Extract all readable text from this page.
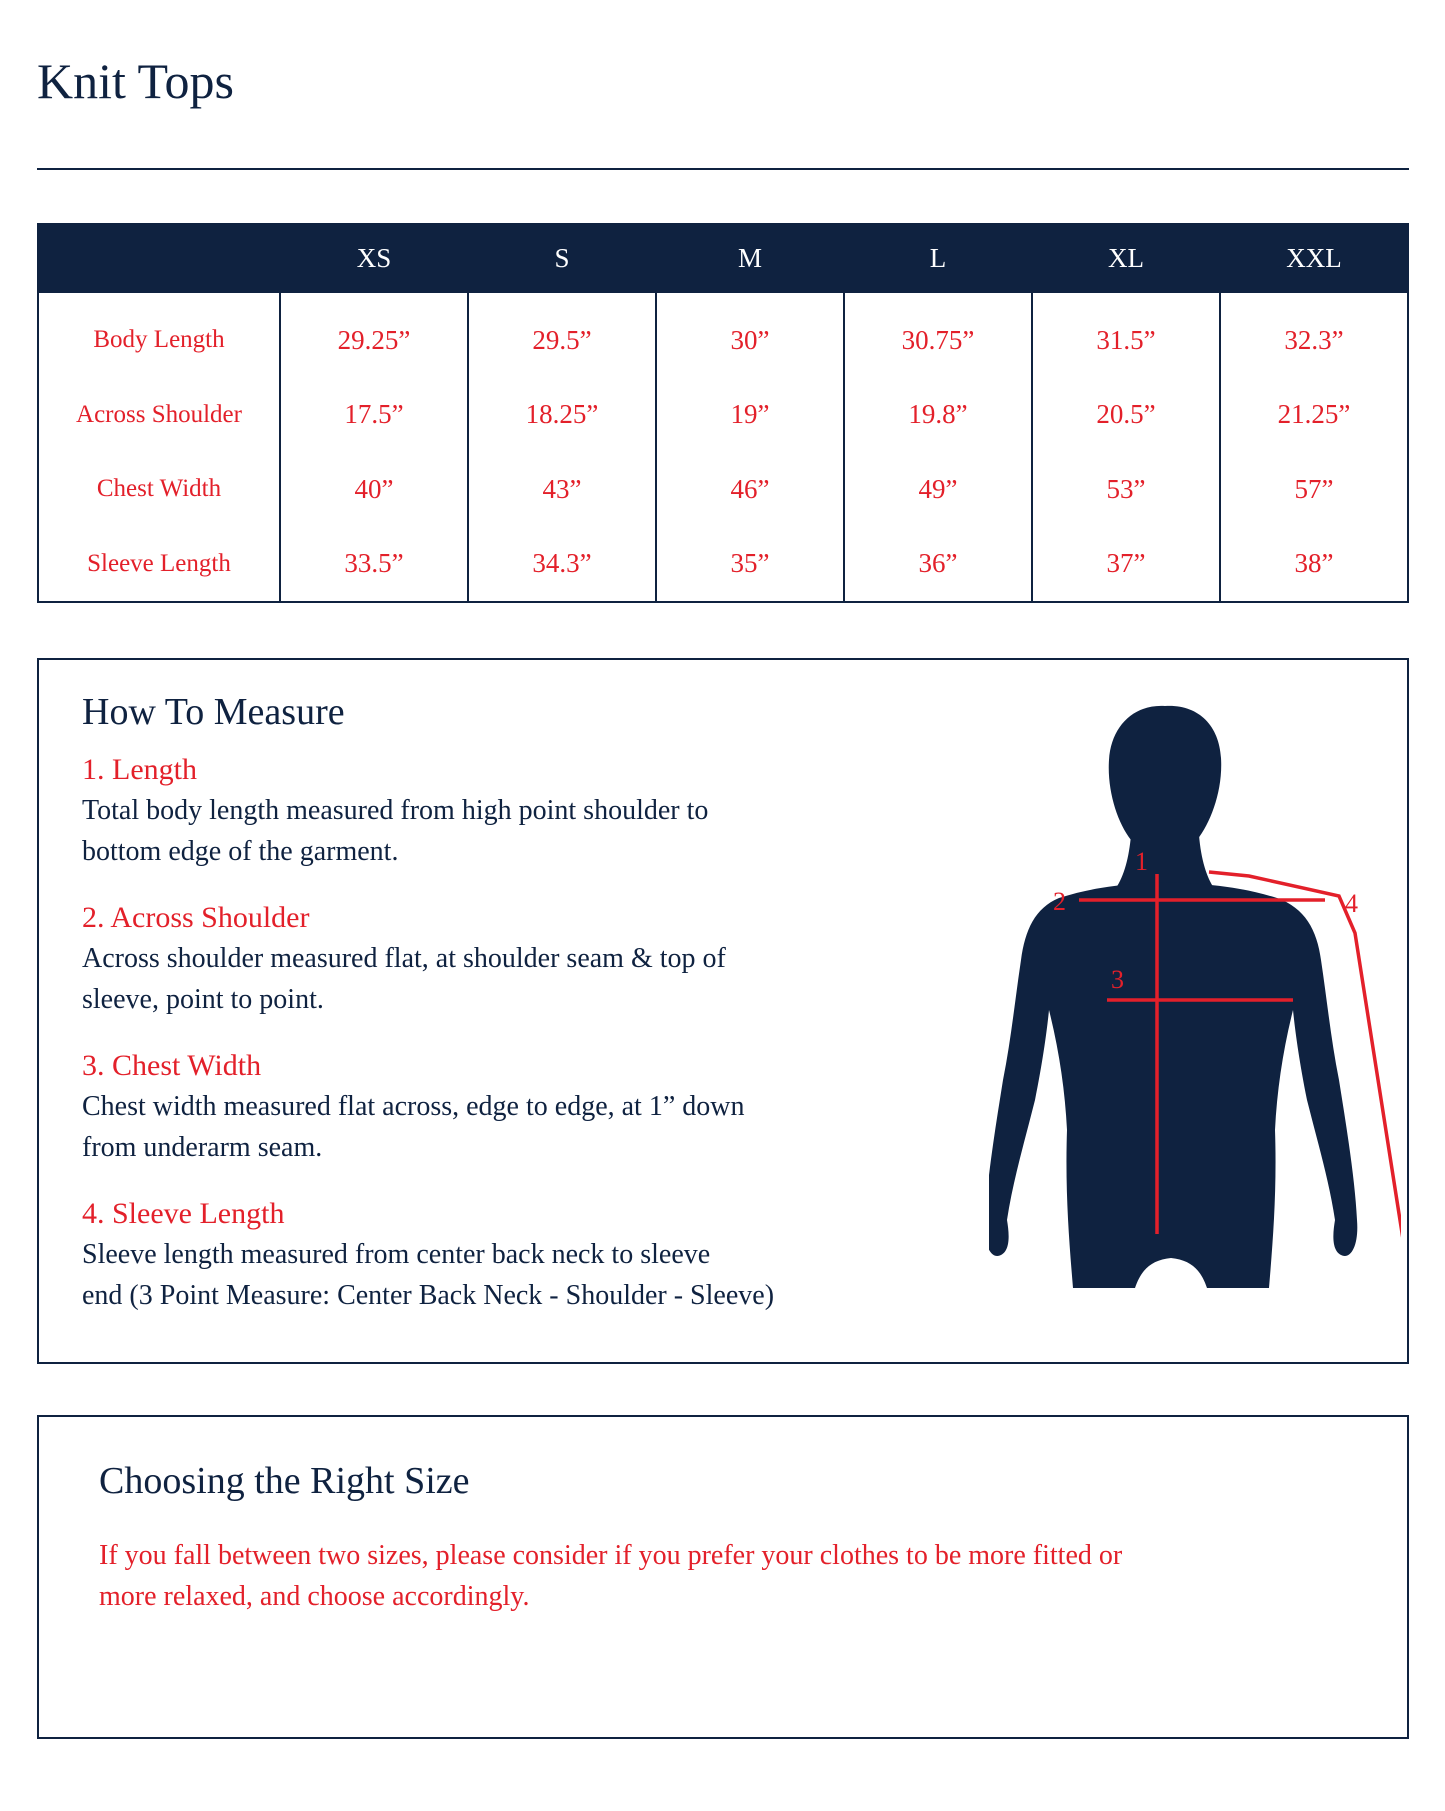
Knit Tops
	XS	S	M	L	XL	XXL
Body Length	29.25”	29.5”	30”	30.75”	31.5”	32.3”
Across Shoulder	17.5”	18.25”	19”	19.8”	20.5”	21.25”
Chest Width	40”	43”	46”	49”	53”	57”
Sleeve Length	33.5”	34.3”	35”	36”	37”	38”
How To Measure
1. Length
Total body length measured from high point shoulder to
bottom edge of the garment.
2. Across Shoulder
Across shoulder measured flat, at shoulder seam & top of
sleeve, point to point.
3. Chest Width
Chest width measured flat across, edge to edge, at 1” down
from underarm seam.
4. Sleeve Length
Sleeve length measured from center back neck to sleeve
end (3 Point Measure: Center Back Neck - Shoulder - Sleeve)
1
2
3
4
Choosing the Right Size
If you fall between two sizes, please consider if you prefer your clothes to be more fitted or
more relaxed, and choose accordingly.
